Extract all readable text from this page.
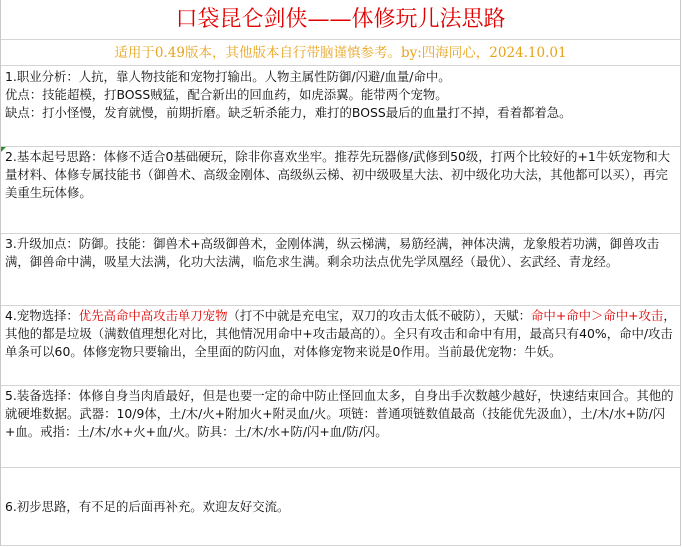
口袋昆仑剑侠——体修玩儿法思路
适用于0.49版本，其他版本自行带脑谨慎参考。by:四海同心，2024.10.01

1.职业分析：人抗，靠人物技能和宠物打输出。人物主属性防御/闪避/血量/命中。

优点：技能超模，打BOSS贼猛，配合新出的回血药，如虎添翼。能带两个宠物。

缺点：打小怪慢，发育就慢，前期折磨。缺乏斩杀能力，难打的BOSS最后的血量打不掉，看着都着急。

2.基本起号思路：体修不适合0基础硬玩，除非你喜欢坐牢。推荐先玩器修/武修到50级，打两个比较好的+1牛妖宠物和大量材料、体修专属技能书（御兽术、高级金刚体、高级纵云梯、初中级吸星大法、初中级化功大法，其他都可以买），再完美重生玩体修。

3.升级加点：防御。技能：御兽术+高级御兽术，金刚体满，纵云梯满，易筋经满，神体决满，龙象般若功满，御兽攻击满，御兽命中满，吸星大法满，化功大法满，临危求生满。剩余功法点优先学凤凰经（最优）、玄武经、青龙经。

4.宠物选择：优先高命中高攻击单刀宠物（打不中就是充电宝，双刀的攻击太低不破防），天赋：命中+命中＞命中+攻击，其他的都是垃圾（满数值理想化对比，其他情况用命中+攻击最高的）。全只有攻击和命中有用，最高只有40%，命中/攻击单条可以60。体修宠物只要输出，全里面的防闪血，对体修宠物来说是0作用。当前最优宠物：牛妖。

5.装备选择：体修自身当肉盾最好，但是也要一定的命中防止怪回血太多，自身出手次数越少越好，快速结束回合。其他的就硬堆数据。武器：10/9体，土/木/火+附加火+附灵血/火。项链：普通项链数值最高（技能优先汲血），土/木/水+防/闪+血。戒指：土/木/水+火+血/火。防具：土/木/水+防/闪+血/防/闪。

6.初步思路，有不足的后面再补充。欢迎友好交流。
